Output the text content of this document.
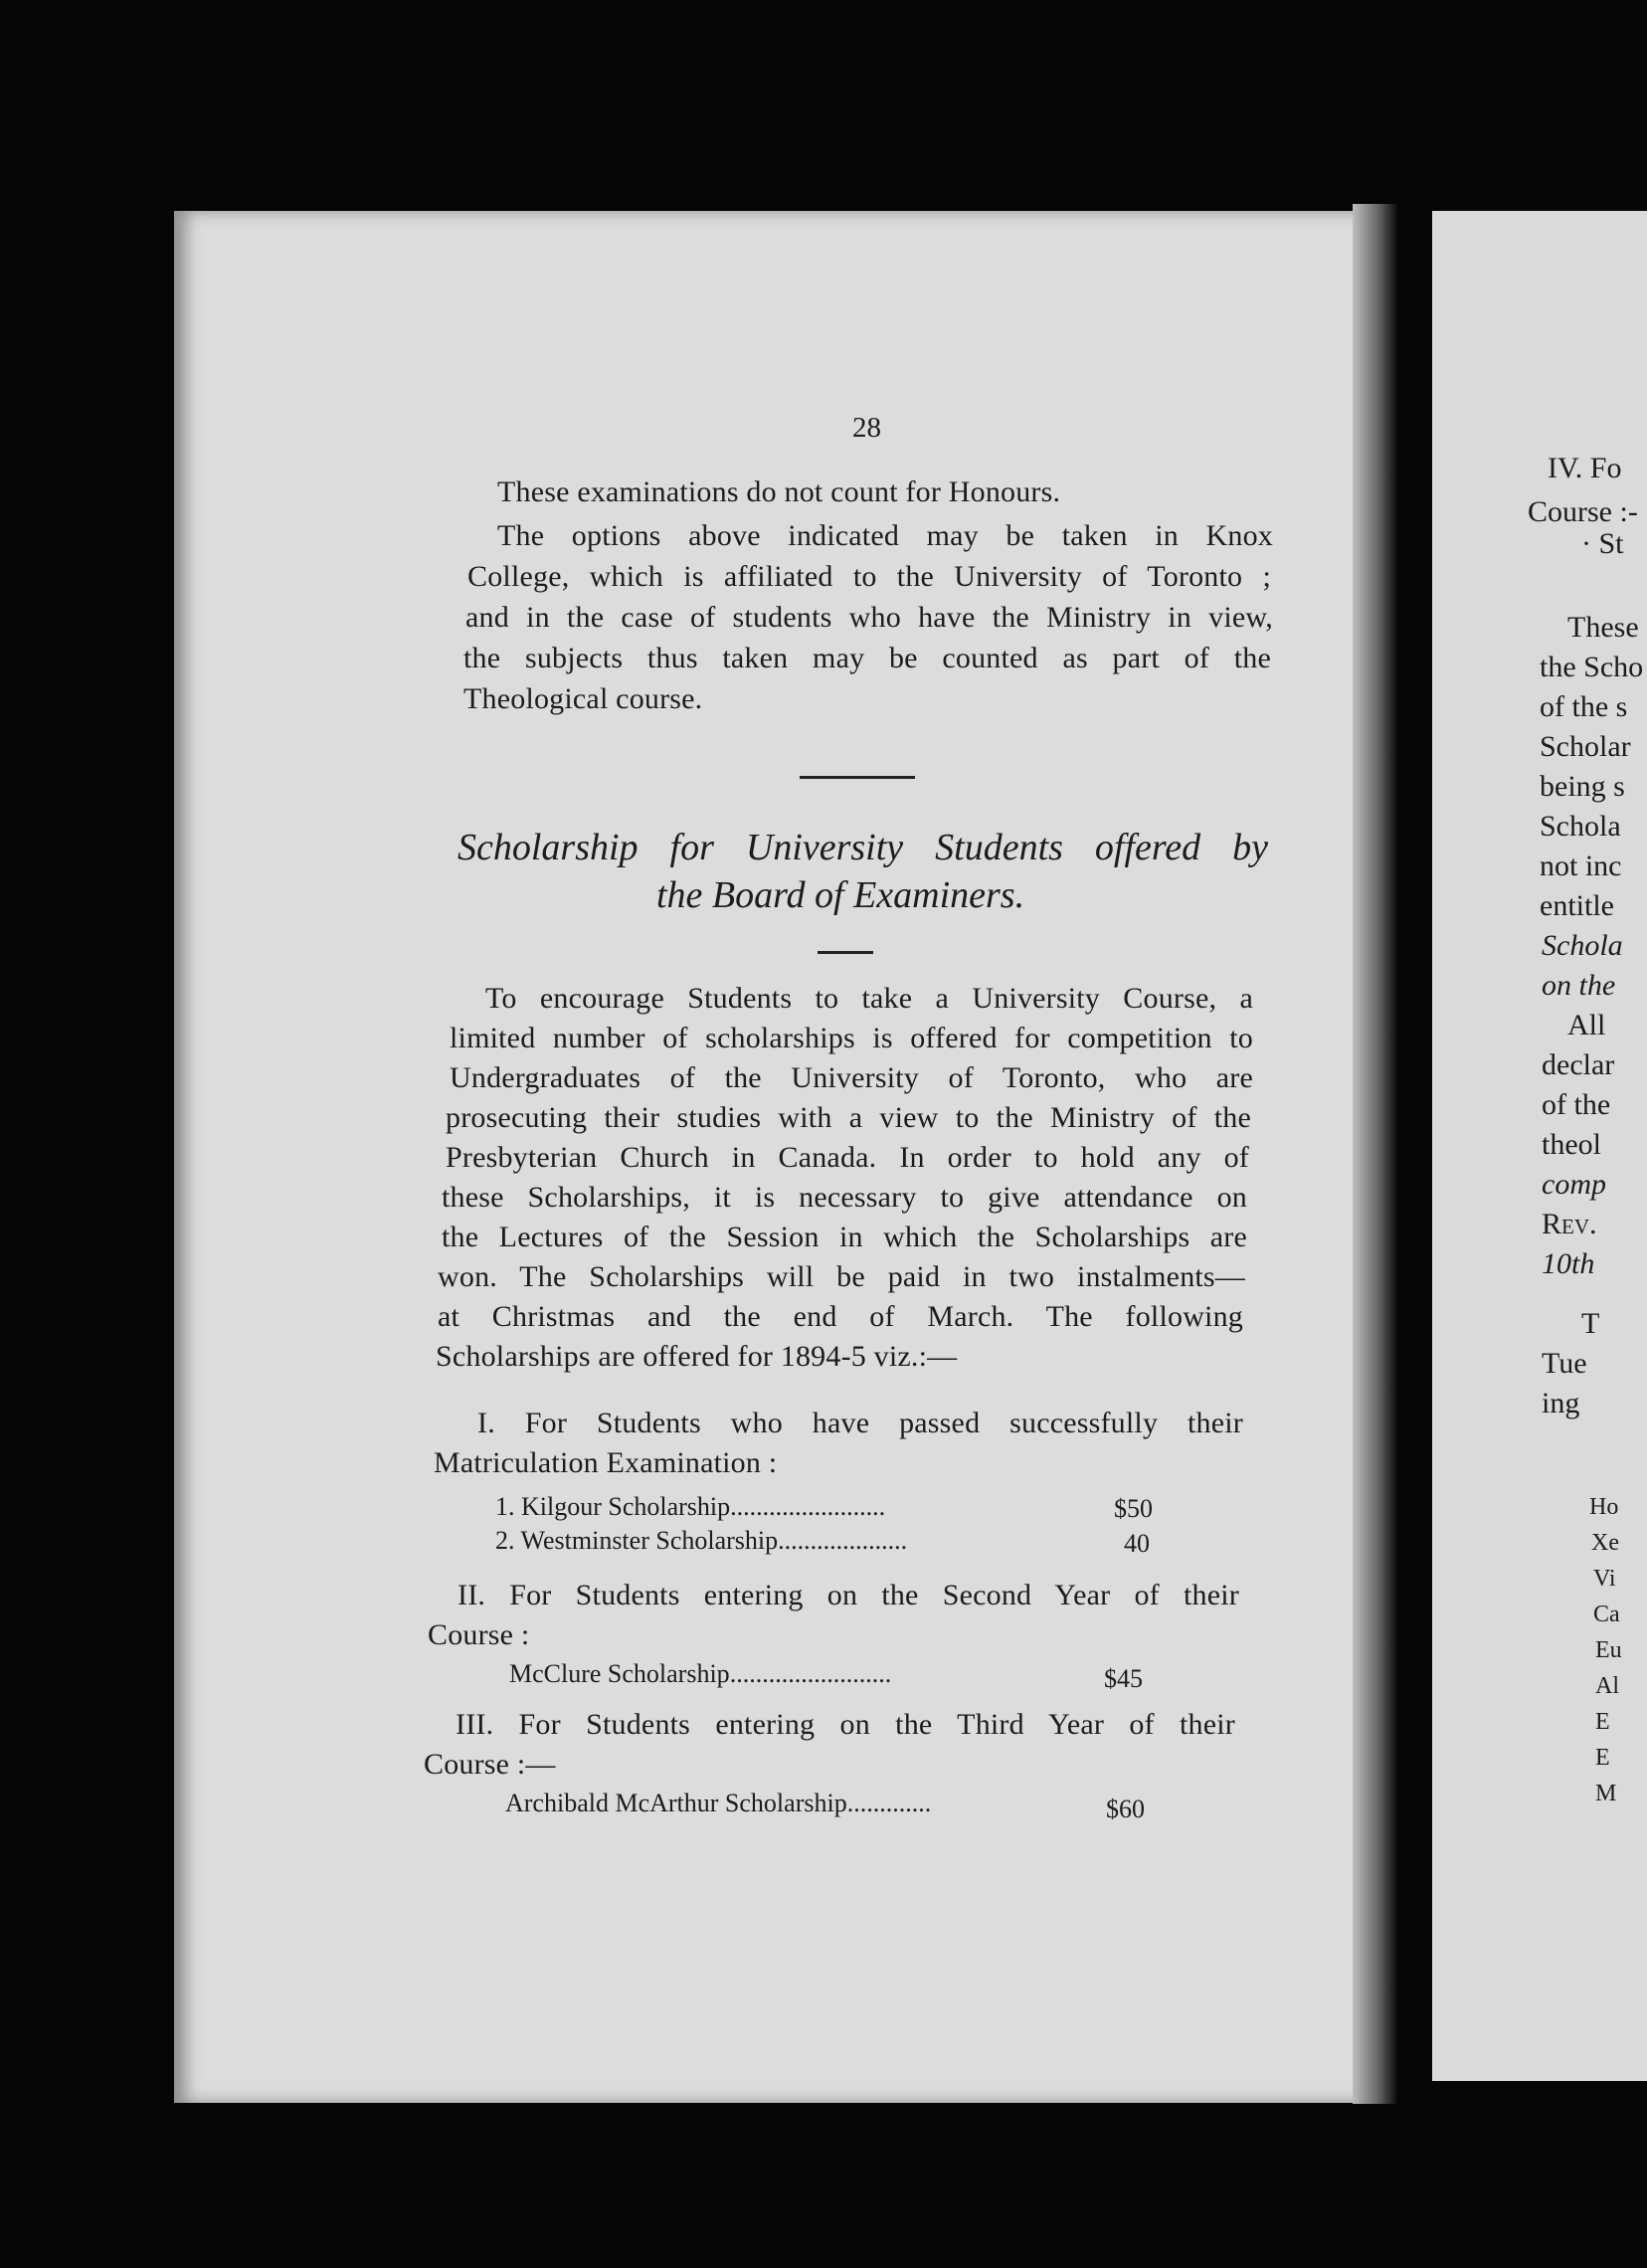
28
These examinations do not count for Honours.
The options above indicated may be taken in Knox
College, which is affiliated to the University of Toronto ;
and in the case of students who have the Ministry in view,
the subjects thus taken may be counted as part of the
Theological course.
Scholarship for University Students offered by
the Board of Examiners.
To encourage Students to take a University Course, a
limited number of scholarships is offered for competition to
Undergraduates of the University of Toronto, who are
prosecuting their studies with a view to the Ministry of the
Presbyterian Church in Canada. In order to hold any of
these Scholarships, it is necessary to give attendance on
the Lectures of the Session in which the Scholarships are
won. The Scholarships will be paid in two instalments—
at Christmas and the end of March. The following
Scholarships are offered for 1894-5 viz.:—
I. For Students who have passed successfully their
Matriculation Examination :
1. Kilgour Scholarship........................	$50
2. Westminster Scholarship....................	40
II. For Students entering on the Second Year of their
Course :
McClure Scholarship.........................	$45
III. For Students entering on the Third Year of their
Course :—
Archibald McArthur Scholarship.............	$60
IV. Fo
Course :-
· St
These
the Scho
of the s
Scholar
being s
Schola
not inc
entitle
Schola
on the
All
declar
of the
theol
comp
Rev.
10th
T
Tue
ing
Ho
Xe
Vi
Ca
Eu
Al
E
E
M
